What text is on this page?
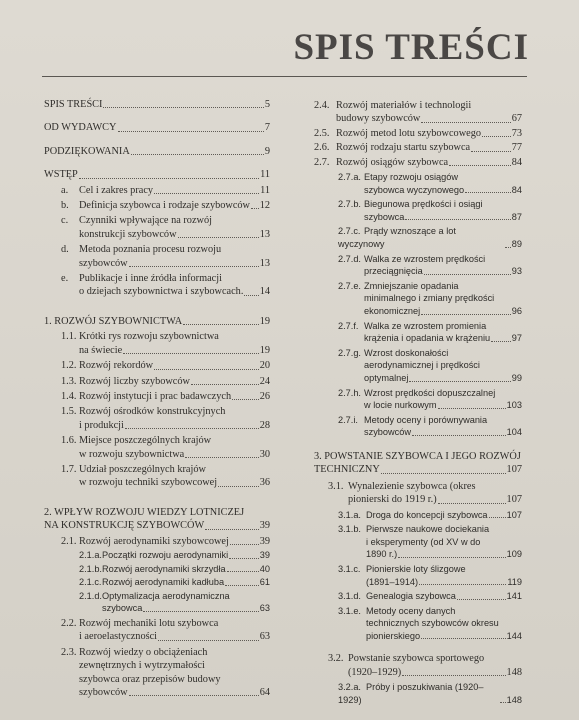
SPIS TREŚCI
SPIS TREŚCI	5
OD WYDAWCY	7
PODZIĘKOWANIA	9
WSTĘP	11
a. Cel i zakres pracy	11
b. Definicja szybowca i rodzaje szybowców 12
c. Czynniki wpływające na rozwój
konstrukcji szybowców	13
d. Metoda poznania procesu rozwoju
szybowców	13
e. Publikacje i inne źródła informacji
o dziejach szybownictwa i szybowcach. 14
1. ROZWÓJ SZYBOWNICTWA	19
1.1. Krótki rys rozwoju szybownictwa
na świecie	19
1.2. Rozwój rekordów	20
1.3. Rozwój liczby szybowców	24
1.4. Rozwój instytucji i prac badawczych	26
1.5. Rozwój ośrodków konstrukcyjnych
i produkcji	28
1.6. Miejsce poszczególnych krajów
w rozwoju szybownictwa	30
1.7. Udział poszczególnych krajów
w rozwoju techniki szybowcowej	36
2. WPŁYW ROZWOJU WIEDZY LOTNICZEJ
NA KONSTRUKCJĘ SZYBOWCÓW	39
2.1. Rozwój aerodynamiki szybowcowej	39
2.1.a.Początki rozwoju aerodynamiki	39
2.1.b.Rozwój aerodynamiki skrzydła	40
2.1.c.Rozwój aerodynamiki kadłuba	61
2.1.d.Optymalizacja aerodynamiczna
szybowca	63
2.2. Rozwój mechaniki lotu szybowca
i aeroelastyczności	63
2.3. Rozwój wiedzy o obciążeniach
zewnętrznych i wytrzymałości
szybowca oraz przepisów budowy
szybowców	64
2.4. Rozwój materiałów i technologii
budowy szybowców	67
2.5. Rozwój metod lotu szybowcowego	73
2.6. Rozwój rodzaju startu szybowca	77
2.7. Rozwój osiągów szybowca	84
2.7.a. Etapy rozwoju osiągów
szybowca wyczynowego	84
2.7.b. Biegunowa prędkości i osiągi
szybowca	87
2.7.c. Prądy wznoszące a lot wyczynowy	89
2.7.d. Walka ze wzrostem prędkości
przeciągnięcia	93
2.7.e. Zmniejszanie opadania
minimalnego i zmiany prędkości
ekonomicznej	96
2.7.f. Walka ze wzrostem promienia
krążenia i opadania w krążeniu 97
2.7.g. Wzrost doskonałości
aerodynamicznej i prędkości
optymalnej	99
2.7.h. Wzrost prędkości dopuszczalnej
w locie nurkowym	103
2.7.i. Metody oceny i porównywania
szybowców	104
3. POWSTANIE SZYBOWCA I JEGO ROZWÓJ
TECHNICZNY	107
3.1. Wynalezienie szybowca (okres
pionierski do 1919 r.)	107
3.1.a. Droga do koncepcji szybowca 107
3.1.b. Pierwsze naukowe dociekania
i eksperymenty (od XV w do
1890 r.)	109
3.1.c. Pionierskie loty ślizgowe
(1891–1914)	119
3.1.d. Genealogia szybowca	141
3.1.e. Metody oceny danych
technicznych szybowców okresu
pionierskiego	144
3.2. Powstanie szybowca sportowego
(1920–1929)	148
3.2.a. Próby i poszukiwania (1920–1929)	148
